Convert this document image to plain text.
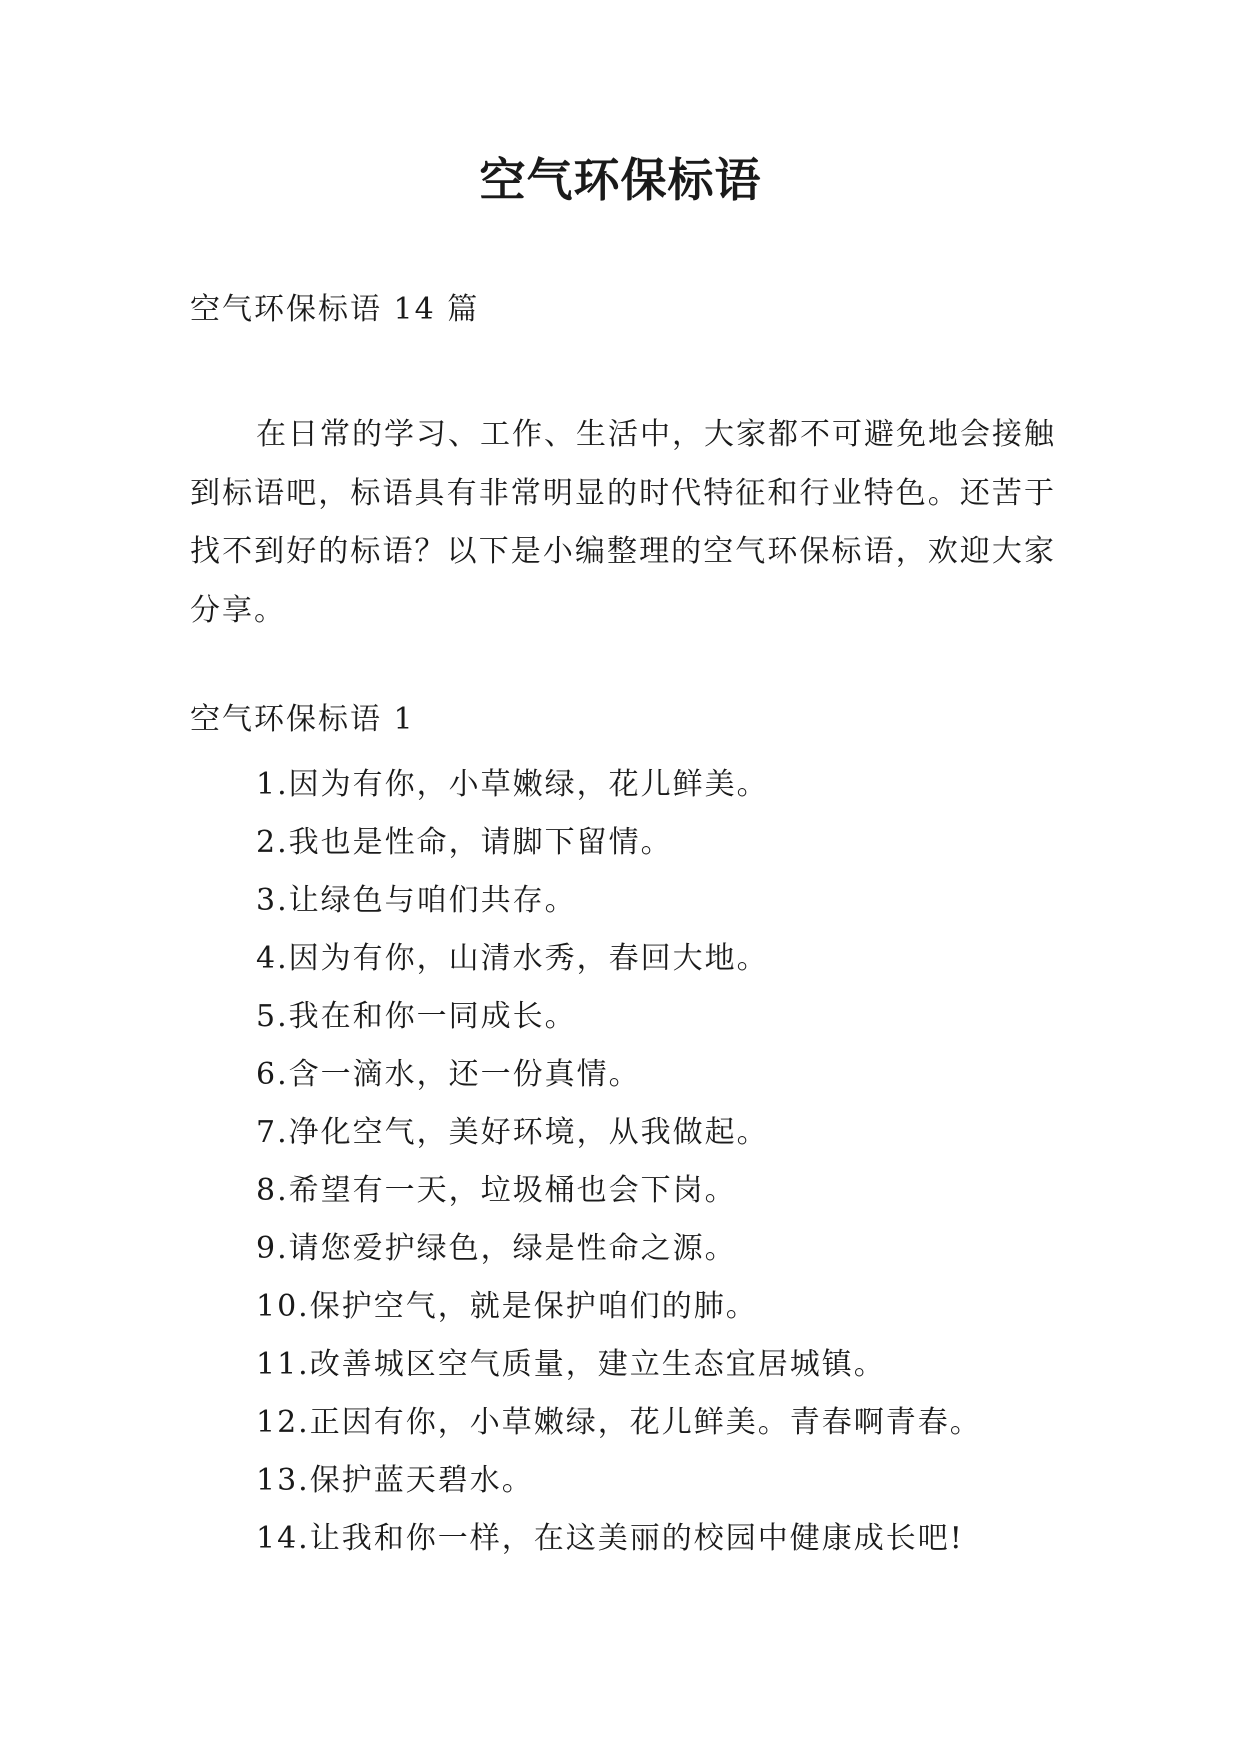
空气环保标语
空气环保标语 14 篇

在日常的学习、工作、生活中，大家都不可避免地会接触到标语吧，标语具有非常明显的时代特征和行业特色。还苦于找不到好的标语？以下是小编整理的空气环保标语，欢迎大家分享。

空气环保标语 1
1.因为有你，小草嫩绿，花儿鲜美。
2.我也是性命，请脚下留情。
3.让绿色与咱们共存。
4.因为有你，山清水秀，春回大地。
5.我在和你一同成长。
6.含一滴水，还一份真情。
7.净化空气，美好环境，从我做起。
8.希望有一天，垃圾桶也会下岗。
9.请您爱护绿色，绿是性命之源。
10.保护空气，就是保护咱们的肺。
11.改善城区空气质量，建立生态宜居城镇。
12.正因有你，小草嫩绿，花儿鲜美。青春啊青春。
13.保护蓝天碧水。
14.让我和你一样，在这美丽的校园中健康成长吧!
